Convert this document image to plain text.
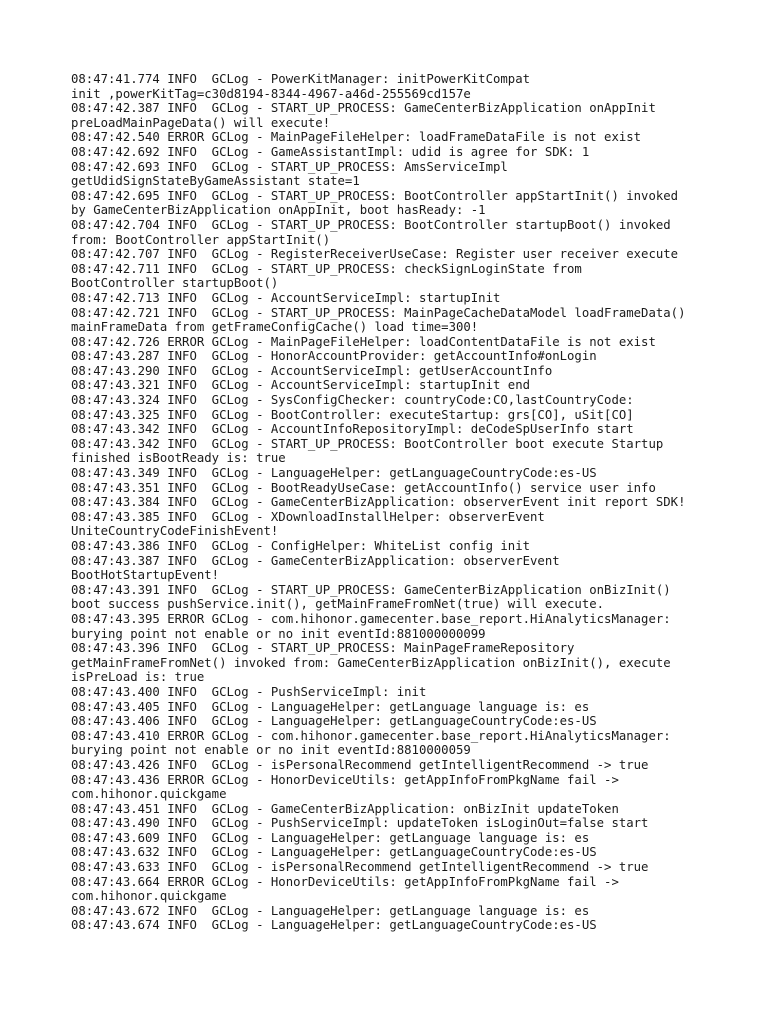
08:47:41.774 INFO  GCLog - PowerKitManager: initPowerKitCompat
init ,powerKitTag=c30d8194-8344-4967-a46d-255569cd157e
08:47:42.387 INFO  GCLog - START_UP_PROCESS: GameCenterBizApplication onAppInit
preLoadMainPageData() will execute!
08:47:42.540 ERROR GCLog - MainPageFileHelper: loadFrameDataFile is not exist
08:47:42.692 INFO  GCLog - GameAssistantImpl: udid is agree for SDK: 1
08:47:42.693 INFO  GCLog - START_UP_PROCESS: AmsServiceImpl
getUdidSignStateByGameAssistant state=1
08:47:42.695 INFO  GCLog - START_UP_PROCESS: BootController appStartInit() invoked
by GameCenterBizApplication onAppInit, boot hasReady: -1
08:47:42.704 INFO  GCLog - START_UP_PROCESS: BootController startupBoot() invoked
from: BootController appStartInit()
08:47:42.707 INFO  GCLog - RegisterReceiverUseCase: Register user receiver execute
08:47:42.711 INFO  GCLog - START_UP_PROCESS: checkSignLoginState from
BootController startupBoot()
08:47:42.713 INFO  GCLog - AccountServiceImpl: startupInit
08:47:42.721 INFO  GCLog - START_UP_PROCESS: MainPageCacheDataModel loadFrameData()
mainFrameData from getFrameConfigCache() load time=300!
08:47:42.726 ERROR GCLog - MainPageFileHelper: loadContentDataFile is not exist
08:47:43.287 INFO  GCLog - HonorAccountProvider: getAccountInfo#onLogin
08:47:43.290 INFO  GCLog - AccountServiceImpl: getUserAccountInfo
08:47:43.321 INFO  GCLog - AccountServiceImpl: startupInit end
08:47:43.324 INFO  GCLog - SysConfigChecker: countryCode:CO,lastCountryCode:
08:47:43.325 INFO  GCLog - BootController: executeStartup: grs[CO], uSit[CO]
08:47:43.342 INFO  GCLog - AccountInfoRepositoryImpl: deCodeSpUserInfo start
08:47:43.342 INFO  GCLog - START_UP_PROCESS: BootController boot execute Startup
finished isBootReady is: true
08:47:43.349 INFO  GCLog - LanguageHelper: getLanguageCountryCode:es-US
08:47:43.351 INFO  GCLog - BootReadyUseCase: getAccountInfo() service user info
08:47:43.384 INFO  GCLog - GameCenterBizApplication: observerEvent init report SDK!
08:47:43.385 INFO  GCLog - XDownloadInstallHelper: observerEvent
UniteCountryCodeFinishEvent!
08:47:43.386 INFO  GCLog - ConfigHelper: WhiteList config init
08:47:43.387 INFO  GCLog - GameCenterBizApplication: observerEvent
BootHotStartupEvent!
08:47:43.391 INFO  GCLog - START_UP_PROCESS: GameCenterBizApplication onBizInit()
boot success pushService.init(), getMainFrameFromNet(true) will execute.
08:47:43.395 ERROR GCLog - com.hihonor.gamecenter.base_report.HiAnalyticsManager:
burying point not enable or no init eventId:881000000099
08:47:43.396 INFO  GCLog - START_UP_PROCESS: MainPageFrameRepository
getMainFrameFromNet() invoked from: GameCenterBizApplication onBizInit(), execute
isPreLoad is: true
08:47:43.400 INFO  GCLog - PushServiceImpl: init
08:47:43.405 INFO  GCLog - LanguageHelper: getLanguage language is: es
08:47:43.406 INFO  GCLog - LanguageHelper: getLanguageCountryCode:es-US
08:47:43.410 ERROR GCLog - com.hihonor.gamecenter.base_report.HiAnalyticsManager:
burying point not enable or no init eventId:8810000059
08:47:43.426 INFO  GCLog - isPersonalRecommend getIntelligentRecommend -> true
08:47:43.436 ERROR GCLog - HonorDeviceUtils: getAppInfoFromPkgName fail ->
com.hihonor.quickgame
08:47:43.451 INFO  GCLog - GameCenterBizApplication: onBizInit updateToken
08:47:43.490 INFO  GCLog - PushServiceImpl: updateToken isLoginOut=false start
08:47:43.609 INFO  GCLog - LanguageHelper: getLanguage language is: es
08:47:43.632 INFO  GCLog - LanguageHelper: getLanguageCountryCode:es-US
08:47:43.633 INFO  GCLog - isPersonalRecommend getIntelligentRecommend -> true
08:47:43.664 ERROR GCLog - HonorDeviceUtils: getAppInfoFromPkgName fail ->
com.hihonor.quickgame
08:47:43.672 INFO  GCLog - LanguageHelper: getLanguage language is: es
08:47:43.674 INFO  GCLog - LanguageHelper: getLanguageCountryCode:es-US
